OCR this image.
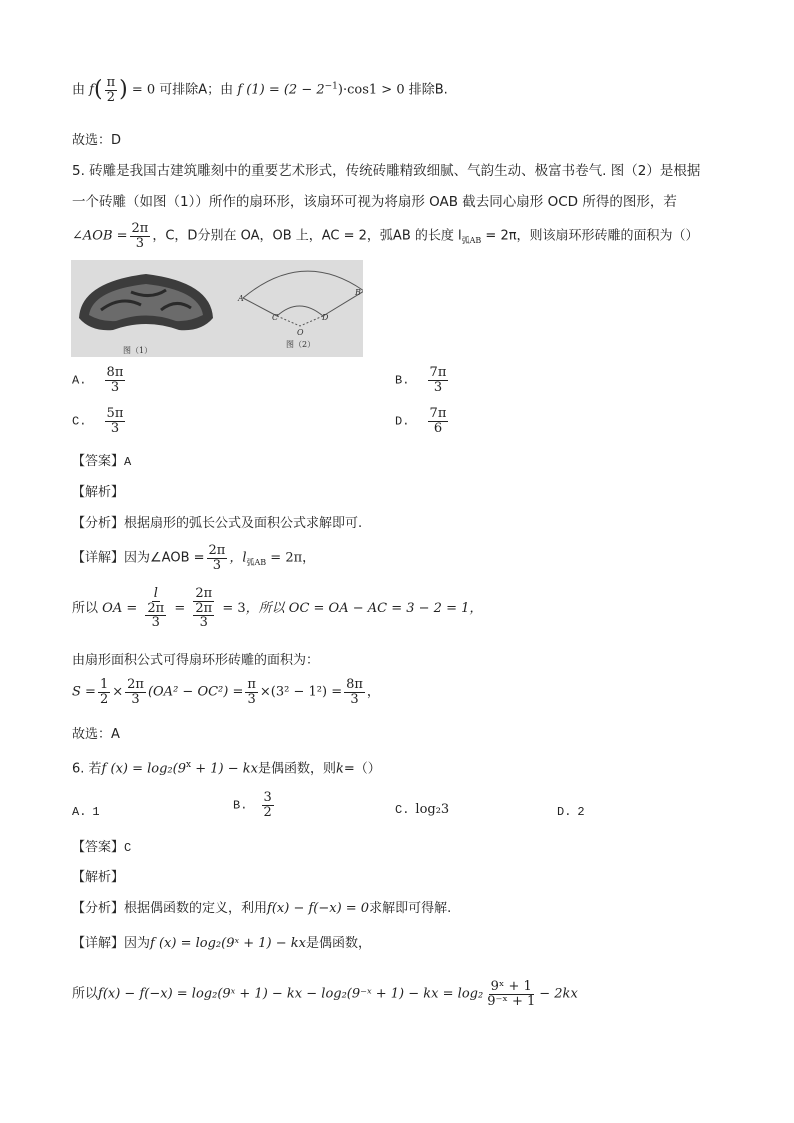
由 $f( \frac{\pi}{2}$ ) = 0 可排除A；由 f $(1) = (2 - 2^{-1})\cdot\cos 1 > 0$ 排除B.
故选：D
5. 砖雕是我国古建筑雕刻中的重要艺术形式，传统砖雕精致细腻、气韵生动、极富书卷气. 图（2）是根据
一个砖雕（如图（1））所作的扇环形，该扇环可视为将扇形 OAB 截去同心扇形 OCD 所得的图形，若
∠AOB = $\frac{2\pi}{3}$ ，C，D分别在 OA，OB 上，AC = 2，弧AB 的长度 $l_{弧AB} = 2\pi$，则该扇环形砖雕的面积为（）
图（1）
A
B
C	D
O
图（2）
A. $\frac{8\pi}{3}$	B. $\frac{7\pi}{3}$
C. $\frac{5\pi}{3}$	D. $\frac{7\pi}{6}$
【答案】A
【解析】
【分析】根据扇形的弧长公式及面积公式求解即可.
【详解】因为∠AOB = $\frac{2\pi}{3}$ ，$l_{弧AB} = 2\pi$，
所以 OA = $\frac{l}{\frac{2\pi}{3}} = \frac{2\pi}{\frac{2\pi}{3}} = 3$，所以 OC = OA − AC = 3 − 2 = 1，
由扇形面积公式可得扇环形砖雕的面积为：
$S = \frac{1}{2} \times \frac{2\pi}{3} (OA^2 - OC^2) = \frac{\pi}{3} \times(3^2 - 1^2) = \frac{8\pi}{3}$ ，
故选：A
6. 若f $(x) = \log_2(9^x + 1)$ − kx是偶函数，则k=（）
A. 1	B. $\frac{3}{2}$	C. log₂3	D. 2
【答案】C
【解析】
【分析】根据偶函数的定义，利用f(x) − f(−x) = 0求解即可得解.
【详解】因为f (x) = log₂(9ˣ + 1) − kx是偶函数，
所以f(x) − f(−x) = log₂(9ˣ + 1) − kx − log₂(9⁻ˣ + 1) − kx = $\log_2 \frac{\text{9ˣ + 1}}{\text{9⁻ˣ + 1}} - 2kx$
